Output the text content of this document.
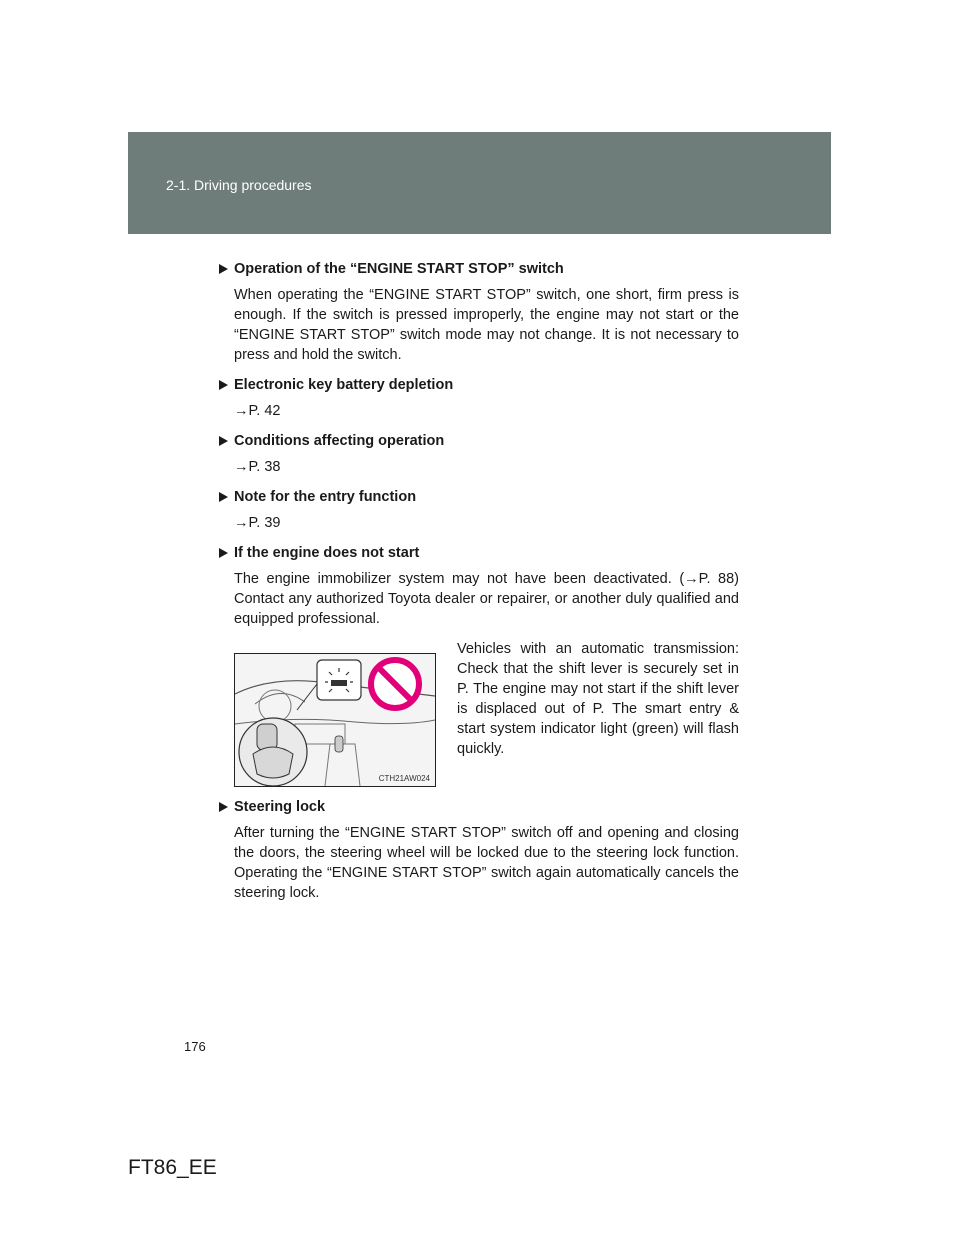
2-1. Driving procedures
Operation of the “ENGINE START STOP” switch

When operating the “ENGINE START STOP” switch, one short, firm press is enough. If the switch is pressed improperly, the engine may not start or the “ENGINE START STOP” switch mode may not change. It is not necessary to press and hold the switch.

Electronic key battery depletion
→P. 42
Conditions affecting operation
→P. 38
Note for the entry function
→P. 39
If the engine does not start

The engine immobilizer system may not have been deactivated. (→P. 88) Contact any authorized Toyota dealer or repairer, or another duly qualified and equipped professional.

CTH21AW024
Vehicles with an automatic transmission: Check that the shift lever is securely set in P. The engine may not start if the shift lever is displaced out of P. The smart entry & start system indicator light (green) will flash quickly.
Steering lock

After turning the “ENGINE START STOP” switch off and opening and closing the doors, the steering wheel will be locked due to the steering lock function. Operating the “ENGINE START STOP” switch again automatically cancels the steering lock.

176
FT86_EE
